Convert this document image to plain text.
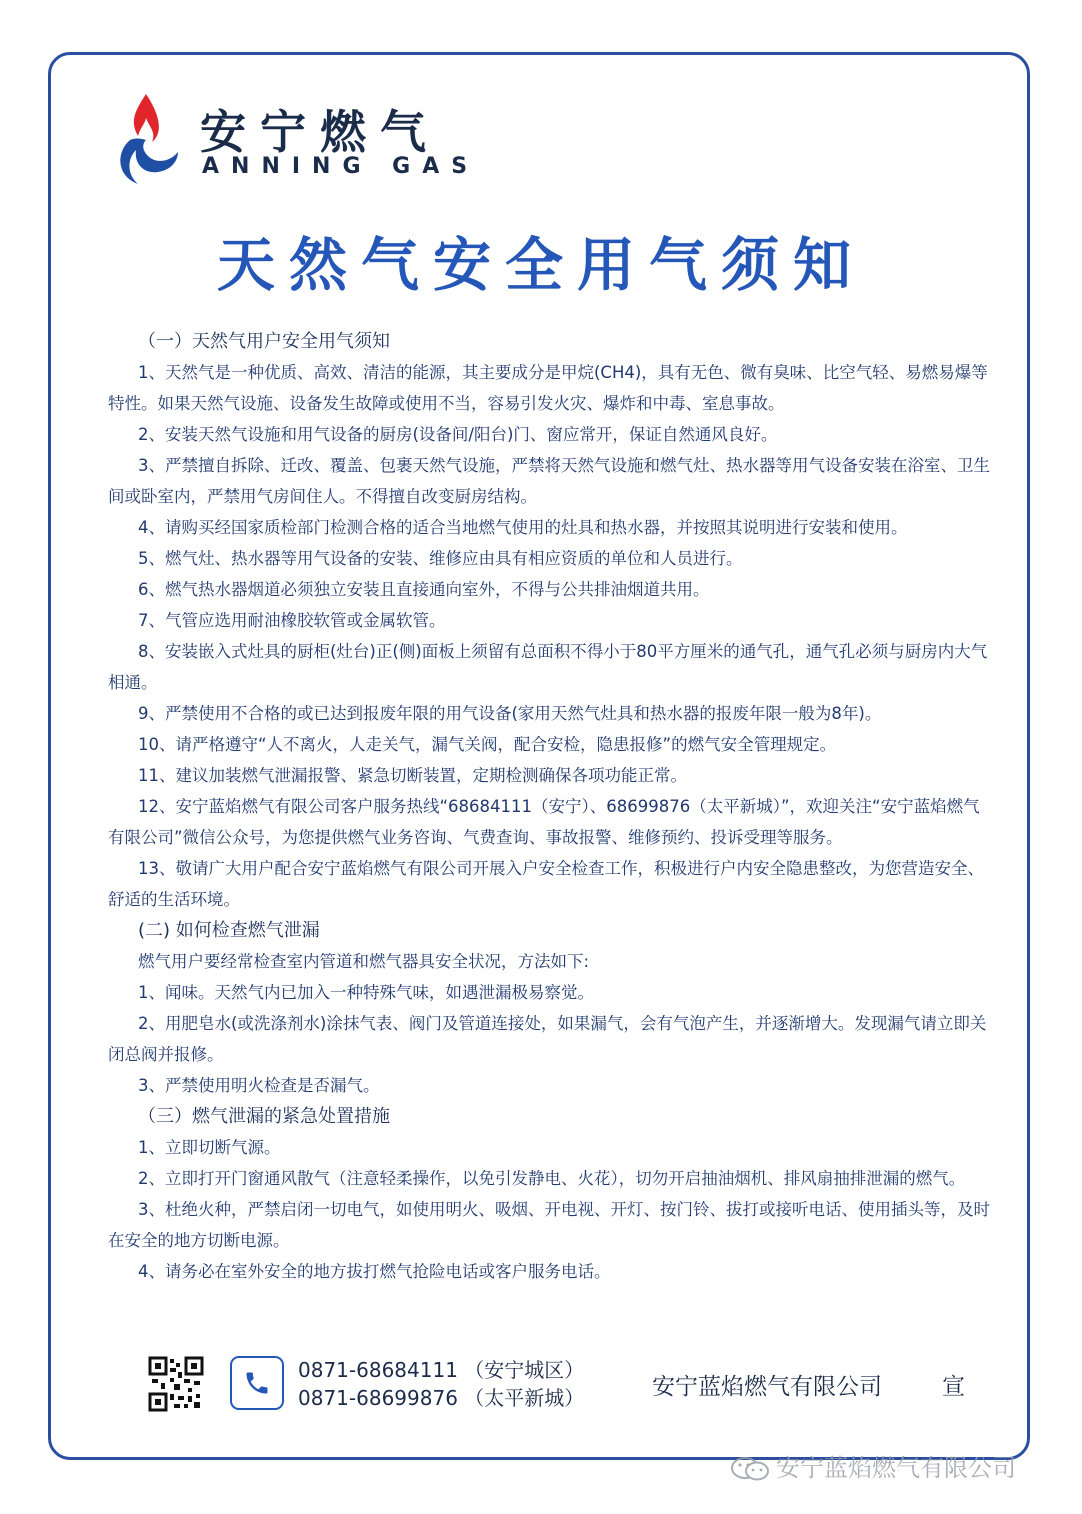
安宁燃气
ANNING GAS
天然气安全用气须知

（一）天然气用户安全用气须知

1、天然气是一种优质、高效、清洁的能源，其主要成分是甲烷(CH4)，具有无色、微有臭味、比空气轻、易燃易爆等特性。如果天然气设施、设备发生故障或使用不当，容易引发火灾、爆炸和中毒、室息事故。

2、安装天然气设施和用气设备的厨房(设备间/阳台)门、窗应常开，保证自然通风良好。

3、严禁擅自拆除、迁改、覆盖、包裹天然气设施，严禁将天然气设施和燃气灶、热水器等用气设备安装在浴室、卫生间或卧室内，严禁用气房间住人。不得擅自改变厨房结构。

4、请购买经国家质检部门检测合格的适合当地燃气使用的灶具和热水器，并按照其说明进行安装和使用。

5、燃气灶、热水器等用气设备的安装、维修应由具有相应资质的单位和人员进行。

6、燃气热水器烟道必须独立安装且直接通向室外，不得与公共排油烟道共用。

7、气管应选用耐油橡胶软管或金属软管。

8、安装嵌入式灶具的厨柜(灶台)正(侧)面板上须留有总面积不得小于80平方厘米的通气孔，通气孔必须与厨房内大气相通。

9、严禁使用不合格的或已达到报废年限的用气设备(家用天然气灶具和热水器的报废年限一般为8年)。

10、请严格遵守“人不离火，人走关气，漏气关阀，配合安检，隐患报修”的燃气安全管理规定。

11、建议加装燃气泄漏报警、紧急切断装置，定期检测确保各项功能正常。

12、安宁蓝焰燃气有限公司客户服务热线“68684111（安宁）、68699876（太平新城）”，欢迎关注“安宁蓝焰燃气有限公司”微信公众号，为您提供燃气业务咨询、气费查询、事故报警、维修预约、投诉受理等服务。

13、敬请广大用户配合安宁蓝焰燃气有限公司开展入户安全检查工作，积极进行户内安全隐患整改，为您营造安全、舒适的生活环境。

(二) 如何检查燃气泄漏

燃气用户要经常检查室内管道和燃气器具安全状况，方法如下:

1、闻味。天然气内已加入一种特殊气味，如遇泄漏极易察觉。

2、用肥皂水(或洗涤剂水)涂抹气表、阀门及管道连接处，如果漏气，会有气泡产生，并逐渐增大。发现漏气请立即关闭总阀并报修。

3、严禁使用明火检查是否漏气。

（三）燃气泄漏的紧急处置措施

1、立即切断气源。

2、立即打开门窗通风散气（注意轻柔操作，以免引发静电、火花），切勿开启抽油烟机、排风扇抽排泄漏的燃气。

3、杜绝火种，严禁启闭一切电气，如使用明火、吸烟、开电视、开灯、按门铃、拔打或接听电话、使用插头等，及时在安全的地方切断电源。

4、请务必在室外安全的地方拔打燃气抢险电话或客户服务电话。

0871-68684111 （安宁城区）
0871-68699876 （太平新城）	安宁蓝焰燃气有限公司	宣
安宁蓝焰燃气有限公司
